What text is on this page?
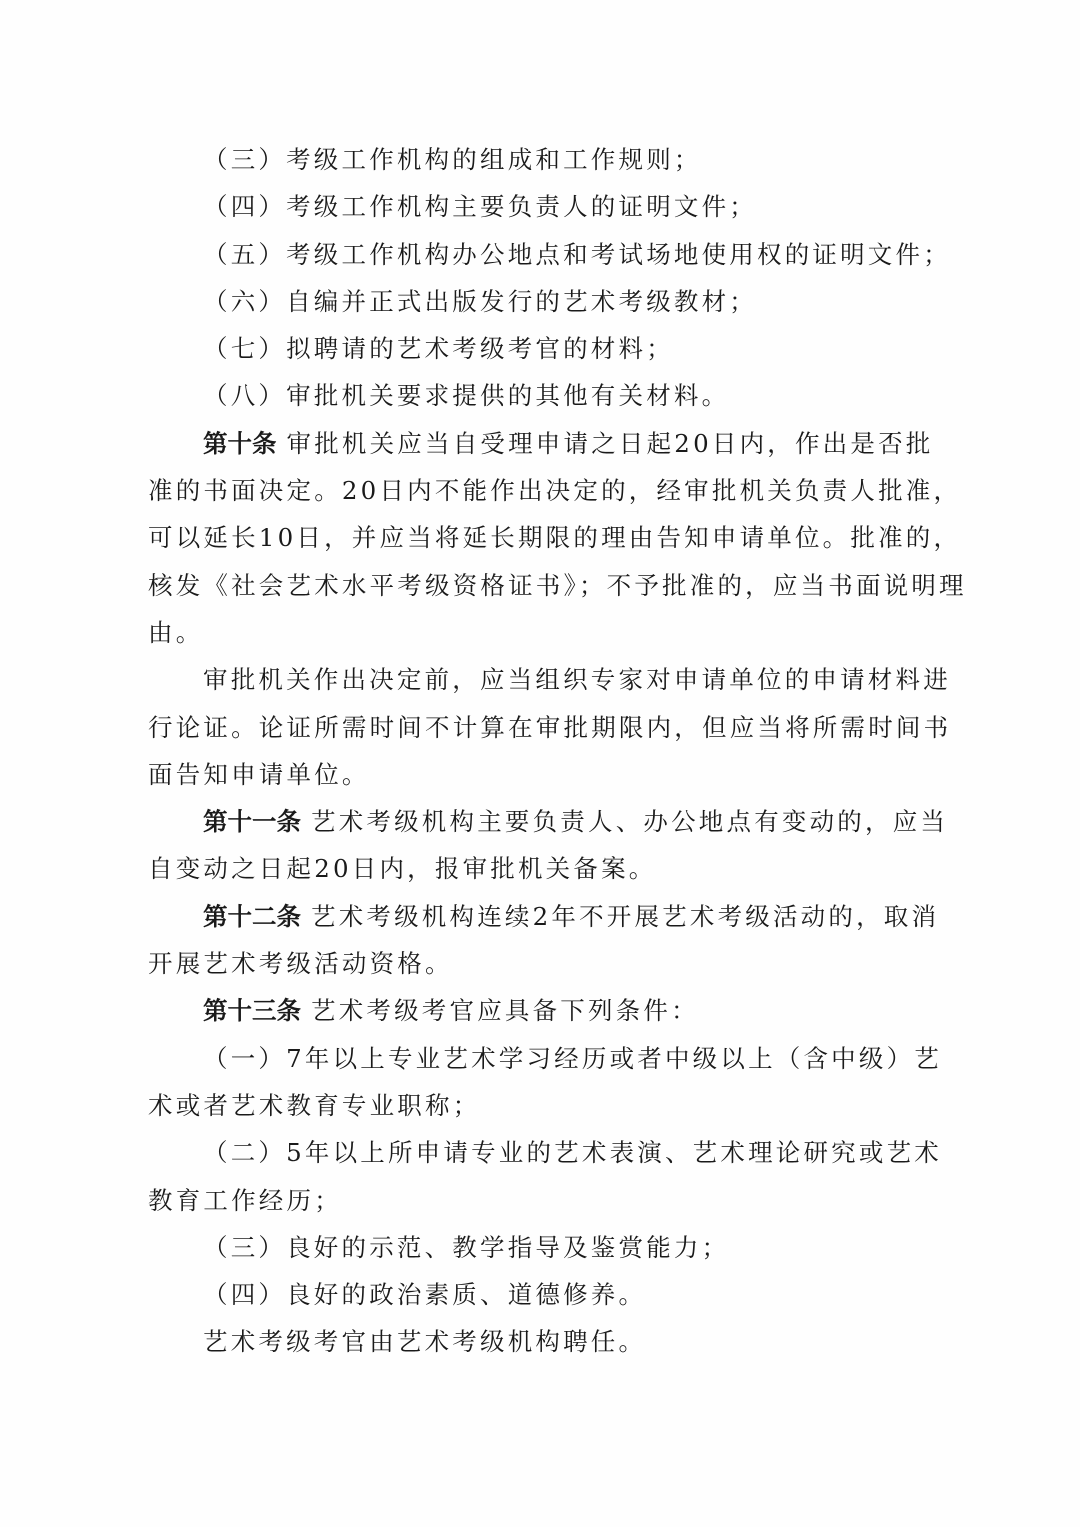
（三）考级工作机构的组成和工作规则；
（四）考级工作机构主要负责人的证明文件；
（五）考级工作机构办公地点和考试场地使用权的证明文件；
（六）自编并正式出版发行的艺术考级教材；
（七）拟聘请的艺术考级考官的材料；
（八）审批机关要求提供的其他有关材料。
第十条 审批机关应当自受理申请之日起20日内，作出是否批
准的书面决定。20日内不能作出决定的，经审批机关负责人批准，
可以延长10日，并应当将延长期限的理由告知申请单位。批准的，
核发《社会艺术水平考级资格证书》；不予批准的，应当书面说明理
由。
审批机关作出决定前，应当组织专家对申请单位的申请材料进
行论证。论证所需时间不计算在审批期限内，但应当将所需时间书
面告知申请单位。
第十一条 艺术考级机构主要负责人、办公地点有变动的，应当
自变动之日起20日内，报审批机关备案。
第十二条 艺术考级机构连续2年不开展艺术考级活动的，取消
开展艺术考级活动资格。
第十三条 艺术考级考官应具备下列条件：
（一）7年以上专业艺术学习经历或者中级以上（含中级）艺
术或者艺术教育专业职称；
（二）5年以上所申请专业的艺术表演、艺术理论研究或艺术
教育工作经历；
（三）良好的示范、教学指导及鉴赏能力；
（四）良好的政治素质、道德修养。
艺术考级考官由艺术考级机构聘任。
